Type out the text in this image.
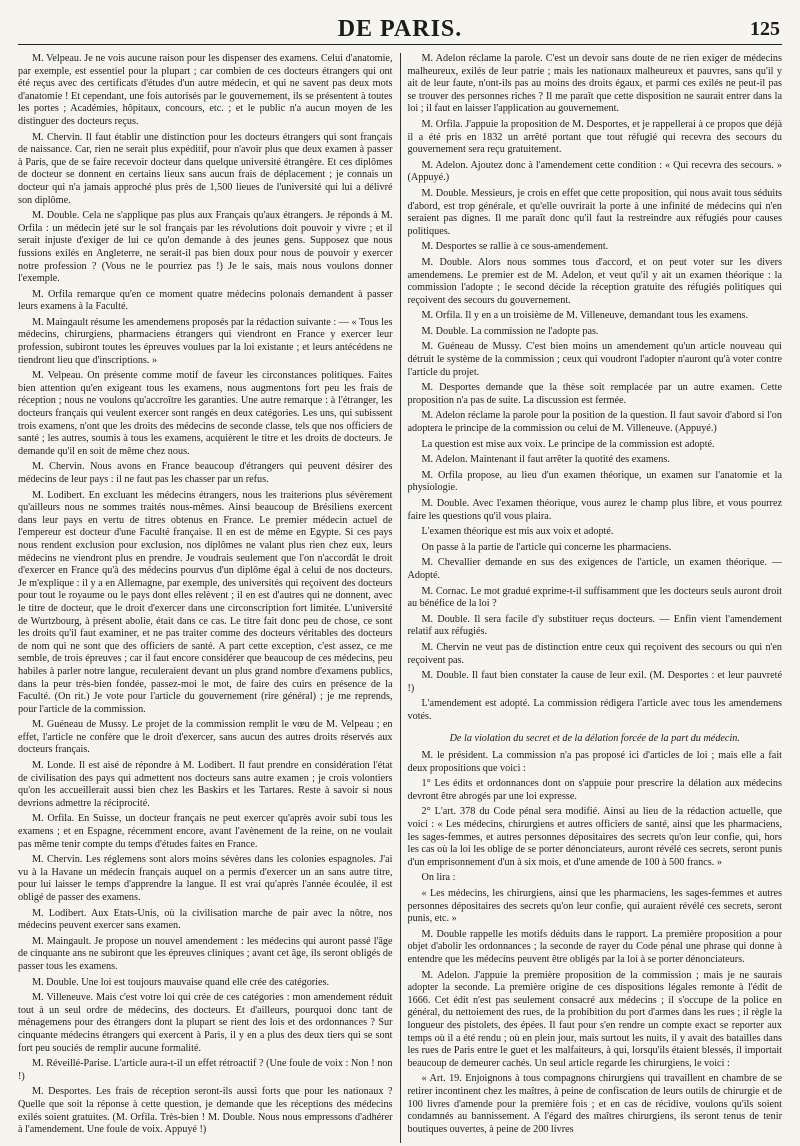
DE PARIS.	125

M. Velpeau. Je ne vois aucune raison pour les dispenser des examens. Celui d'anatomie, par exemple, est essentiel pour la plupart ; car combien de ces docteurs étrangers qui ont été reçus avec des certificats d'études d'un autre médecin, et qui ne savent pas deux mots d'anatomie ! Et cependant, une fois autorisés par le gouvernement, ils se présentent à toutes les portes ; Académies, hôpitaux, concours, etc. ; et le public n'a aucun moyen de les distinguer des docteurs reçus.

M. Chervin. Il faut établir une distinction pour les docteurs étrangers qui sont français de naissance. Car, rien ne serait plus expéditif, pour n'avoir plus que deux examen à passer à Paris, que de se faire recevoir docteur dans quelque université étrangère. Et ces diplômes de docteur se donnent en certains lieux sans aucun frais de déplacement ; je connais un docteur qui n'a jamais approché plus près de 1,500 lieues de l'université qui lui a délivré son diplôme.

M. Double. Cela ne s'applique pas plus aux Français qu'aux étrangers. Je réponds à M. Orfila : un médecin jeté sur le sol français par les révolutions doit pouvoir y vivre ; et il serait injuste d'exiger de lui ce qu'on demande à des jeunes gens. Supposez que nous fussions exilés en Angleterre, ne serait-il pas bien doux pour nous de pouvoir y exercer notre profession ? (Vous ne le pourriez pas !) Je le sais, mais nous voulons donner l'exemple.

M. Orfila remarque qu'en ce moment quatre médecins polonais demandent à passer leurs examens à la Faculté.

M. Maingault résume les amendemens proposés par la rédaction suivante : — « Tous les médecins, chirurgiens, pharmaciens étrangers qui viendront en France y exercer leur profession, subiront toutes les épreuves voulues par la loi existante ; et leurs antécédens ne tiendront lieu que d'inscriptions. »

M. Velpeau. On présente comme motif de faveur les circonstances politiques. Faites bien attention qu'en exigeant tous les examens, nous augmentons fort peu les frais de réception ; nous ne voulons qu'accroître les garanties. Une autre remarque : à l'étranger, les docteurs français qui veulent exercer sont rangés en deux catégories. Les uns, qui subissent trois examens, n'ont que les droits des médecins de seconde classe, tels que nos officiers de santé ; les autres, soumis à tous les examens, acquièrent le titre et les droits de docteurs. Je demande qu'il en soit de même chez nous.

M. Chervin. Nous avons en France beaucoup d'étrangers qui peuvent désirer des médecins de leur pays : il ne faut pas les chasser par un refus.

M. Lodibert. En excluant les médecins étrangers, nous les traiterions plus sévèrement qu'ailleurs nous ne sommes traités nous-mêmes. Ainsi beaucoup de Brésiliens exercent dans leur pays en vertu de titres obtenus en France. Le premier médecin actuel de l'empereur est docteur d'une Faculté française. Il en est de même en Egypte. Si ces pays nous rendent exclusion pour exclusion, nos diplômes ne valant plus rien chez eux, leurs médecins ne viendront plus en prendre. Je voudrais seulement que l'on n'accordât le droit d'exercer en France qu'à des médecins pourvus d'un diplôme égal à celui de nos docteurs. Je m'explique : il y a en Allemagne, par exemple, des universités qui reçoivent des docteurs pour tout le royaume ou le pays dont elles relèvent ; il en est d'autres qui ne donnent, avec le titre de docteur, que le droit d'exercer dans une circonscription fort limitée. L'université de Wurtzbourg, à présent abolie, était dans ce cas. Le titre fait donc peu de chose, ce sont les droits qu'il faut examiner, et ne pas traiter comme des docteurs véritables des docteurs de nom qui ne sont que des officiers de santé. A part cette exception, c'est assez, ce me semble, de trois épreuves ; car il faut encore considérer que beaucoup de ces médecins, peu habiles à parler notre langue, reculeraient devant un plus grand nombre d'examens publics, dans la peur très-bien fondée, passez-moi le mot, de faire des cuirs en présence de la Faculté. (On rit.) Je vote pour l'article du gouvernement (rire général) ; je me reprends, pour l'article de la commission.

M. Guéneau de Mussy. Le projet de la commission remplit le vœu de M. Velpeau ; en effet, l'article ne confère que le droit d'exercer, sans aucun des autres droits réservés aux docteurs français.

M. Londe. Il est aisé de répondre à M. Lodibert. Il faut prendre en considération l'état de civilisation des pays qui admettent nos docteurs sans autre examen ; je crois volontiers qu'on les accueillerait aussi bien chez les Baskirs et les Tartares. Reste à savoir si nous devrions admettre la réciprocité.

M. Orfila. En Suisse, un docteur français ne peut exercer qu'après avoir subi tous les examens ; et en Espagne, récemment encore, avant l'avènement de la reine, on ne voulait pas même tenir compte du temps d'études faites en France.

M. Chervin. Les réglemens sont alors moins sévères dans les colonies espagnoles. J'ai vu à la Havane un médecin français auquel on a permis d'exercer un an sans autre titre, pour lui laisser le temps d'apprendre la langue. Il est vrai qu'après l'année écoulée, il est obligé de passer des examens.

M. Lodibert. Aux Etats-Unis, où la civilisation marche de pair avec la nôtre, nos médecins peuvent exercer sans examen.

M. Maingault. Je propose un nouvel amendement : les médecins qui auront passé l'âge de cinquante ans ne subiront que les épreuves cliniques ; avant cet âge, ils seront obligés de passer tous les examens.

M. Double. Une loi est toujours mauvaise quand elle crée des catégories.

M. Villeneuve. Mais c'est votre loi qui crée de ces catégories : mon amendement réduit tout à un seul ordre de médecins, des docteurs. Et d'ailleurs, pourquoi donc tant de ménagemens pour des étrangers dont la plupart se rient des lois et des ordonnances ? Sur cinquante médecins étrangers qui exercent à Paris, il y en a plus des deux tiers qui se sont fort peu souciés de remplir aucune formalité.

M. Réveillé-Parise. L'article aura-t-il un effet rétroactif ? (Une foule de voix : Non ! non !)

M. Desportes. Les frais de réception seront-ils aussi forts que pour les nationaux ? Quelle que soit la réponse à cette question, je demande que les réceptions des médecins exilés soient gratuites. (M. Orfila. Très-bien ! M. Double. Nous nous empressons d'adhérer à l'amendement. Une foule de voix. Appuyé !)

M. Adelon réclame la parole. C'est un devoir sans doute de ne rien exiger de médecins malheureux, exilés de leur patrie ; mais les nationaux malheureux et pauvres, sans qu'il y ait de leur faute, n'ont-ils pas au moins des droits égaux, et parmi ces exilés ne peut-il pas se trouver des personnes riches ? Il me paraît que cette disposition ne saurait entrer dans la loi ; il faut en laisser l'application au gouvernement.

M. Orfila. J'appuie la proposition de M. Desportes, et je rappellerai à ce propos que déjà il a été pris en 1832 un arrêté portant que tout réfugié qui recevra des secours du gouvernement sera reçu gratuitement.

M. Adelon. Ajoutez donc à l'amendement cette condition : « Qui recevra des secours. » (Appuyé.)

M. Double. Messieurs, je crois en effet que cette proposition, qui nous avait tous séduits d'abord, est trop générale, et qu'elle ouvrirait la porte à une infinité de médecins qui n'en seraient pas dignes. Il me paraît donc qu'il faut la restreindre aux réfugiés pour causes politiques.

M. Desportes se rallie à ce sous-amendement.

M. Double. Alors nous sommes tous d'accord, et on peut voter sur les divers amendemens. Le premier est de M. Adelon, et veut qu'il y ait un examen théorique : la commission l'adopte ; le second décide la réception gratuite des réfugiés politiques qui reçoivent des secours du gouvernement.

M. Orfila. Il y en a un troisième de M. Villeneuve, demandant tous les examens.

M. Double. La commission ne l'adopte pas.

M. Guéneau de Mussy. C'est bien moins un amendement qu'un article nouveau qui détruit le système de la commission ; ceux qui voudront l'adopter n'auront qu'à voter contre l'article du projet.

M. Desportes demande que la thèse soit remplacée par un autre examen. Cette proposition n'a pas de suite. La discussion est fermée.

M. Adelon réclame la parole pour la position de la question. Il faut savoir d'abord si l'on adoptera le principe de la commission ou celui de M. Villeneuve. (Appuyé.)

La question est mise aux voix. Le principe de la commission est adopté.

M. Adelon. Maintenant il faut arrêter la quotité des examens.

M. Orfila propose, au lieu d'un examen théorique, un examen sur l'anatomie et la physiologie.

M. Double. Avec l'examen théorique, vous aurez le champ plus libre, et vous pourrez faire les questions qu'il vous plaira.

L'examen théorique est mis aux voix et adopté.

On passe à la partie de l'article qui concerne les pharmaciens.

M. Chevallier demande en sus des exigences de l'article, un examen théorique. — Adopté.

M. Cornac. Le mot gradué exprime-t-il suffisamment que les docteurs seuls auront droit au bénéfice de la loi ?

M. Double. Il sera facile d'y substituer reçus docteurs. — Enfin vient l'amendement relatif aux réfugiés.

M. Chervin ne veut pas de distinction entre ceux qui reçoivent des secours ou qui n'en reçoivent pas.

M. Double. Il faut bien constater la cause de leur exil. (M. Desportes : et leur pauvreté !)

L'amendement est adopté. La commission rédigera l'article avec tous les amendemens votés.

De la violation du secret et de la délation forcée de la part du médecin.

M. le président. La commission n'a pas proposé ici d'articles de loi ; mais elle a fait deux propositions que voici :

1° Les édits et ordonnances dont on s'appuie pour prescrire la délation aux médecins devront être abrogés par une loi expresse.

2° L'art. 378 du Code pénal sera modifié. Ainsi au lieu de la rédaction actuelle, que voici : « Les médecins, chirurgiens et autres officiers de santé, ainsi que les pharmaciens, les sages-femmes, et autres personnes dépositaires des secrets qu'on leur confie, qui, hors les cas où la loi les oblige de se porter dénonciateurs, auront révélé ces secrets, seront punis d'un emprisonnement d'un à six mois, et d'une amende de 100 à 500 francs. »

On lira :

« Les médecins, les chirurgiens, ainsi que les pharmaciens, les sages-femmes et autres personnes dépositaires des secrets qu'on leur confie, qui auraient révélé ces secrets, seront punis, etc. »

M. Double rappelle les motifs déduits dans le rapport. La première proposition a pour objet d'abolir les ordonnances ; la seconde de rayer du Code pénal une phrase qui donne à entendre que les médecins peuvent être obligés par la loi à se porter dénonciateurs.

M. Adelon. J'appuie la première proposition de la commission ; mais je ne saurais adopter la seconde. La première origine de ces dispositions légales remonte à l'édit de 1666. Cet édit n'est pas seulement consacré aux médecins ; il s'occupe de la police en général, du nettoiement des rues, de la prohibition du port d'armes dans les rues ; il règle la longueur des pistolets, des épées. Il faut pour s'en rendre un compte exact se reporter aux temps où il a été rendu ; où en plein jour, mais surtout les nuits, il y avait des batailles dans les rues de Paris entre le guet et les malfaiteurs, à qui, lorsqu'ils étaient blessés, il importait beaucoup de demeurer cachés. Un seul article regarde les chirurgiens, le voici :

« Art. 19. Enjoignons à tous compagnons chirurgiens qui travaillent en chambre de se retirer incontinent chez les maîtres, à peine de confiscation de leurs outils de chirurgie et de 100 livres d'amende pour la première fois ; et en cas de récidive, voulons qu'ils soient condamnés au bannissement. A l'égard des maîtres chirurgiens, ils seront tenus de tenir boutiques ouvertes, à peine de 200 livres
